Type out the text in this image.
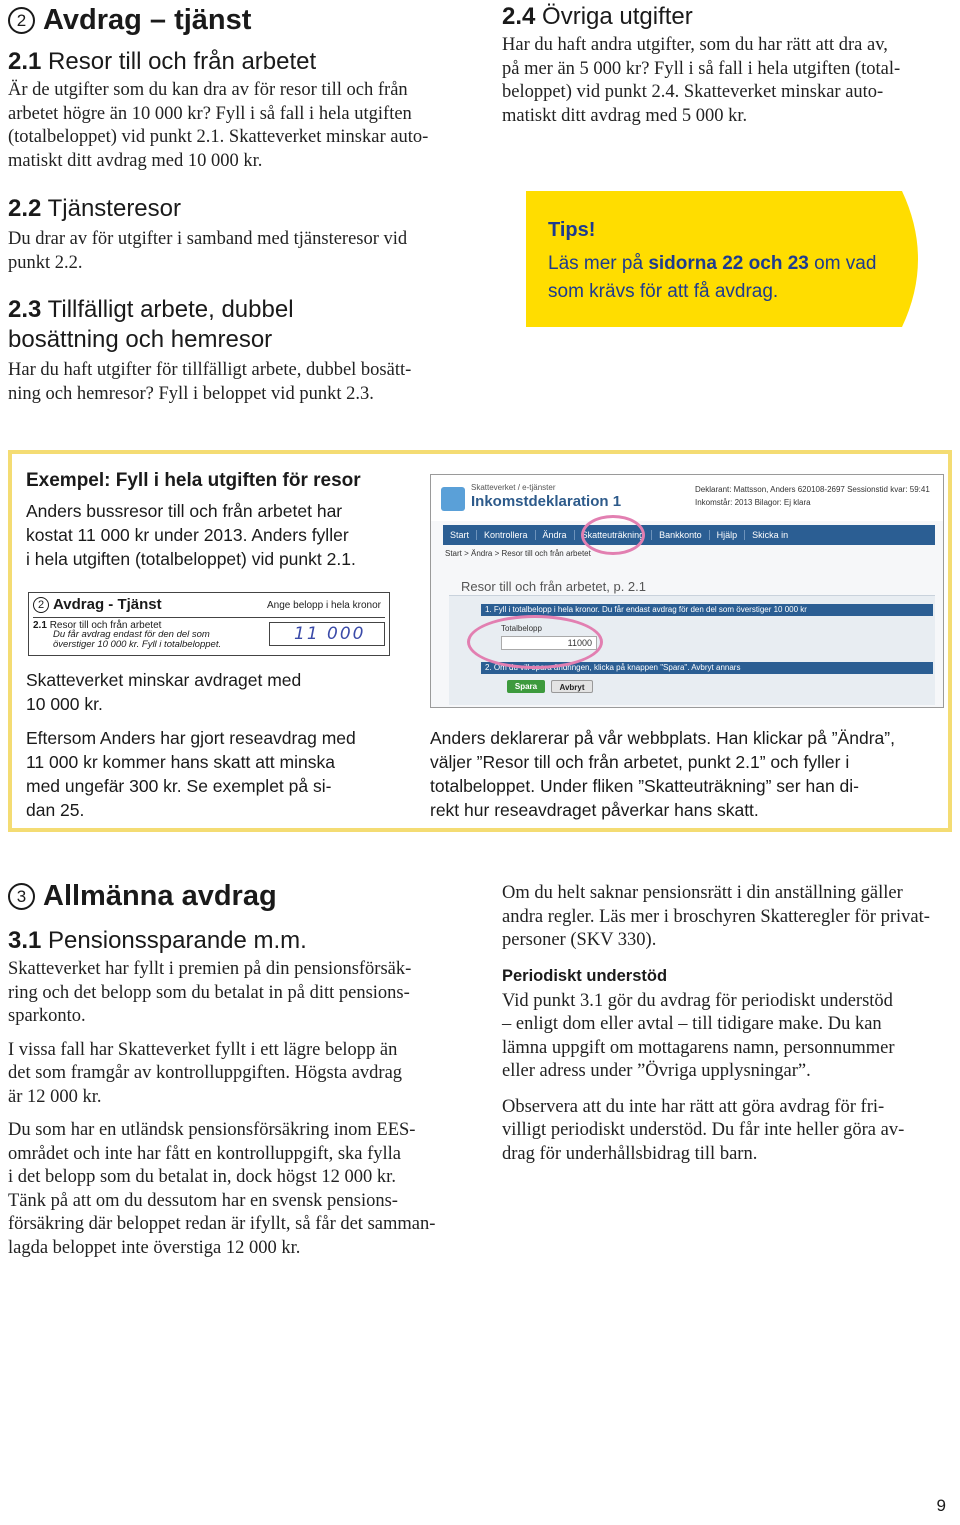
2 Avdrag – tjänst
2.1 Resor till och från arbetet

Är de utgifter som du kan dra av för resor till och från
arbetet högre än 10 000 kr? Fyll i så fall i hela utgiften
(totalbeloppet) vid punkt 2.1. Skatteverket minskar auto-
matiskt ditt avdrag med 10 000 kr.

2.2 Tjänsteresor

Du drar av för utgifter i samband med tjänsteresor vid
punkt 2.2.

2.3 Tillfälligt arbete, dubbel
bosättning och hemresor

Har du haft utgifter för tillfälligt arbete, dubbel bosätt-
ning och hemresor? Fyll i beloppet vid punkt 2.3.

2.4 Övriga utgifter

Har du haft andra utgifter, som du har rätt att dra av,
på mer än 5 000 kr? Fyll i så fall i hela utgiften (total-
beloppet) vid punkt 2.4. Skatteverket minskar auto-
matiskt ditt avdrag med 5 000 kr.

Tips!
Läs mer på sidorna 22 och 23 om vad som krävs för att få avdrag.
Exempel: Fyll i hela utgiften för resor
Anders bussresor till och från arbetet har
kostat 11 000 kr under 2013. Anders fyller
i hela utgiften (totalbeloppet) vid punkt 2.1.
2 Avdrag - Tjänst	Ange belopp i hela kronor
2.1 Resor till och från arbetet
Du får avdrag endast för den del som
överstiger 10 000 kr. Fyll i totalbeloppet.
11 000
Skatteverket minskar avdraget med
10 000 kr.
Eftersom Anders har gjort reseavdrag med
11 000 kr kommer hans skatt att minska
med ungefär 300 kr. Se exemplet på si-
dan 25.
Skatteverket / e-tjänster
Inkomstdeklaration 1
Deklarant: Mattsson, Anders 620108-2697 Sessionstid kvar: 59:41
Inkomstår: 2013 Bilagor: Ej klara
Start	Kontrollera	Ändra	Skatteuträkning	Bankkonto	Hjälp	Skicka in
Start > Ändra > Resor till och från arbetet
Resor till och från arbetet, p. 2.1
1. Fyll i totalbelopp i hela kronor. Du får endast avdrag för den del som överstiger 10 000 kr
Totalbelopp
11000
2. Om du vill spara ändringen, klicka på knappen "Spara". Avbryt annars
Spara	Avbryt
Anders deklarerar på vår webbplats. Han klickar på ”Ändra”,
väljer ”Resor till och från arbetet, punkt 2.1” och fyller i
totalbeloppet. Under fliken ”Skatteuträkning” ser han di-
rekt hur reseavdraget påverkar hans skatt.
3 Allmänna avdrag
3.1 Pensionssparande m.m.

Skatteverket har fyllt i premien på din pensionsförsäk-
ring och det belopp som du betalat in på ditt pensions-
sparkonto.

I vissa fall har Skatteverket fyllt i ett lägre belopp än
det som framgår av kontrolluppgiften. Högsta avdrag
är 12 000 kr.

Du som har en utländsk pensionsförsäkring inom EES-
området och inte har fått en kontrolluppgift, ska fylla
i det belopp som du betalat in, dock högst 12 000 kr.
Tänk på att om du dessutom har en svensk pensions-
försäkring där beloppet redan är ifyllt, så får det samman-
lagda beloppet inte överstiga 12 000 kr.

Om du helt saknar pensionsrätt i din anställning gäller
andra regler. Läs mer i broschyren Skatteregler för privat-
personer (SKV 330).

Periodiskt understöd

Vid punkt 3.1 gör du avdrag för periodiskt understöd
– enligt dom eller avtal – till tidigare make. Du kan
lämna uppgift om mottagarens namn, personnummer
eller adress under ”Övriga upplysningar”.

Observera att du inte har rätt att göra avdrag för fri-
villigt periodiskt understöd. Du får inte heller göra av-
drag för underhållsbidrag till barn.

9
